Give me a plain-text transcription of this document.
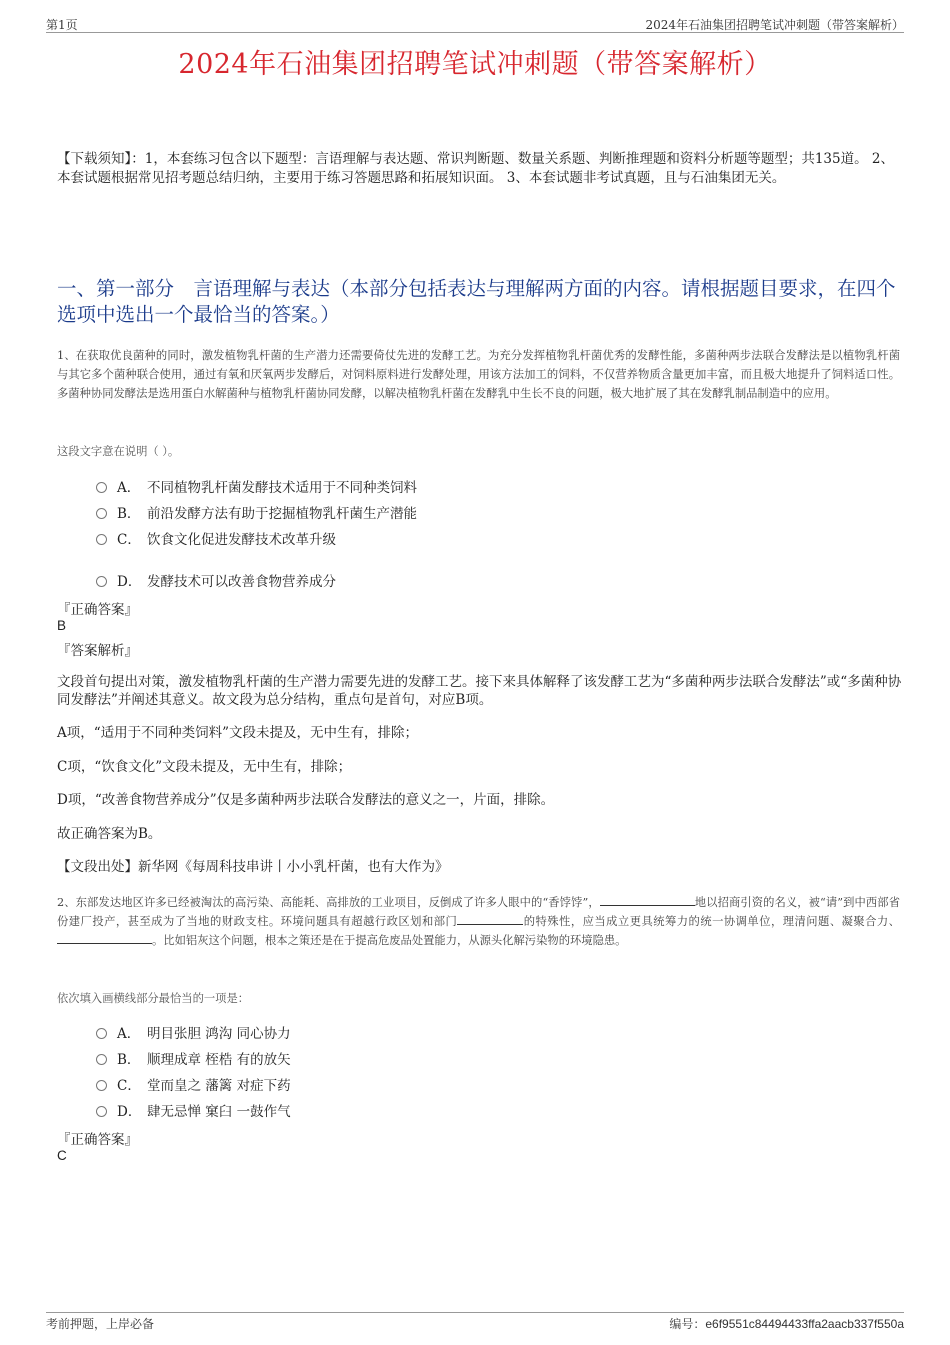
第1页	2024年石油集团招聘笔试冲刺题（带答案解析）
2024年石油集团招聘笔试冲刺题（带答案解析）
【下载须知】：1，本套练习包含以下题型：言语理解与表达题、常识判断题、数量关系题、判断推理题和资料分析题等题型；共135道。 2、本套试题根据常见招考题总结归纳，主要用于练习答题思路和拓展知识面。 3、本套试题非考试真题，且与石油集团无关。
一、第一部分　言语理解与表达（本部分包括表达与理解两方面的内容。请根据题目要求，在四个选项中选出一个最恰当的答案。）
1、在获取优良菌种的同时，激发植物乳杆菌的生产潜力还需要倚仗先进的发酵工艺。为充分发挥植物乳杆菌优秀的发酵性能，多菌种两步法联合发酵法是以植物乳杆菌与其它多个菌种联合使用，通过有氧和厌氧两步发酵后，对饲料原料进行发酵处理，用该方法加工的饲料，不仅营养物质含量更加丰富，而且极大地提升了饲料适口性。多菌种协同发酵法是选用蛋白水解菌种与植物乳杆菌协同发酵，以解决植物乳杆菌在发酵乳中生长不良的问题，极大地扩展了其在发酵乳制品制造中的应用。
这段文字意在说明（ ）。
A． 不同植物乳杆菌发酵技术适用于不同种类饲料
B． 前沿发酵方法有助于挖掘植物乳杆菌生产潜能
C． 饮食文化促进发酵技术改革升级
D． 发酵技术可以改善食物营养成分
『正确答案』
B
『答案解析』
文段首句提出对策，激发植物乳杆菌的生产潜力需要先进的发酵工艺。接下来具体解释了该发酵工艺为“多菌种两步法联合发酵法”或“多菌种协同发酵法”并阐述其意义。故文段为总分结构，重点句是首句，对应B项。
A项，“适用于不同种类饲料”文段未提及，无中生有，排除；
C项，“饮食文化”文段未提及，无中生有，排除；
D项，“改善食物营养成分”仅是多菌种两步法联合发酵法的意义之一，片面，排除。
故正确答案为B。
【文段出处】新华网《每周科技串讲丨小小乳杆菌，也有大作为》
2、东部发达地区许多已经被淘汰的高污染、高能耗、高排放的工业项目，反倒成了许多人眼中的“香饽饽”，	地以招商引资的名义，被“请”到中西部省份建厂投产，甚至成为了当地的财政支柱。环境问题具有超越行政区划和部门	的特殊性，应当成立更具统筹力的统一协调单位，理清问题、凝聚合力、。比如铝灰这个问题，根本之策还是在于提高危废品处置能力，从源头化解污染物的环境隐患。
依次填入画横线部分最恰当的一项是：
A． 明目张胆 鸿沟 同心协力
B． 顺理成章 桎梏 有的放矢
C． 堂而皇之 藩篱 对症下药
D． 肆无忌惮 窠臼 一鼓作气
『正确答案』
C
考前押题，上岸必备	编号：e6f9551c84494433ffa2aacb337f550a
